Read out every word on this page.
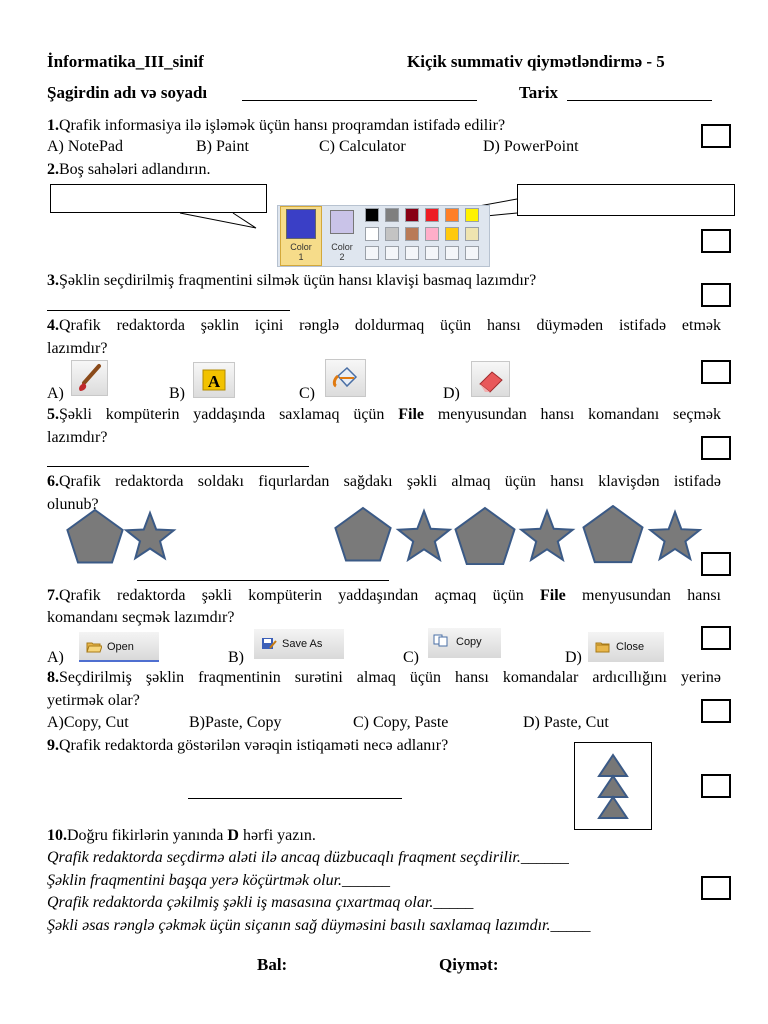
İnformatika_III_sinif	Kiçik summativ qiymətləndirmə - 5
Şagirdin adı və soyadı	Tarix
1.Qrafik informasiya ilə işləmək üçün hansı proqramdan istifadə edilir?
A) NotePad	B) Paint	C) Calculator	D) PowerPoint
2.Boş sahələri adlandırın.
Color
1
Color
2
3.Şəklin seçdirilmiş fraqmentini silmək üçün hansı klavişi basmaq lazımdır?
4.Qrafik redaktorda şəklin içini rənglə doldurmaq üçün hansı düyməden istifadə etmək
lazımdır?
A)	B)
A
C)	D)
5.Şəkli kompüterin yaddaşında saxlamaq üçün File menyusundan hansı komandanı seçmək
lazımdır?
6.Qrafik redaktorda soldakı fiqurlardan sağdakı şəkli almaq üçün hansı klavişdən istifadə
olunub?
7.Qrafik redaktorda şəkli kompüterin yaddaşından açmaq üçün File menyusundan hansı
komandanı seçmək lazımdır?
A)
Open
B)
Save As
C)
Copy
D)
Close
8.Seçdirilmiş şəklin fraqmentinin surətini almaq üçün hansı komandalar ardıcıllığını yerinə
yetirmək olar?
A)Copy, Cut	B)Paste, Copy	C) Copy, Paste	D) Paste, Cut
9.Qrafik redaktorda göstərilən vərəqin istiqaməti necə adlanır?
10.Doğru fikirlərin yanında D hərfi yazın.
Qrafik redaktorda seçdirmə aləti ilə ancaq düzbucaqlı fraqment seçdirilir.______
Şəklin fraqmentini başqa yerə köçürtmək olur.______
Qrafik redaktorda çəkilmiş şəkli iş masasına çıxartmaq olar._____
Şəkli əsas rənglə çəkmək üçün siçanın sağ düyməsini basılı saxlamaq lazımdır._____
Bal:	Qiymət:
